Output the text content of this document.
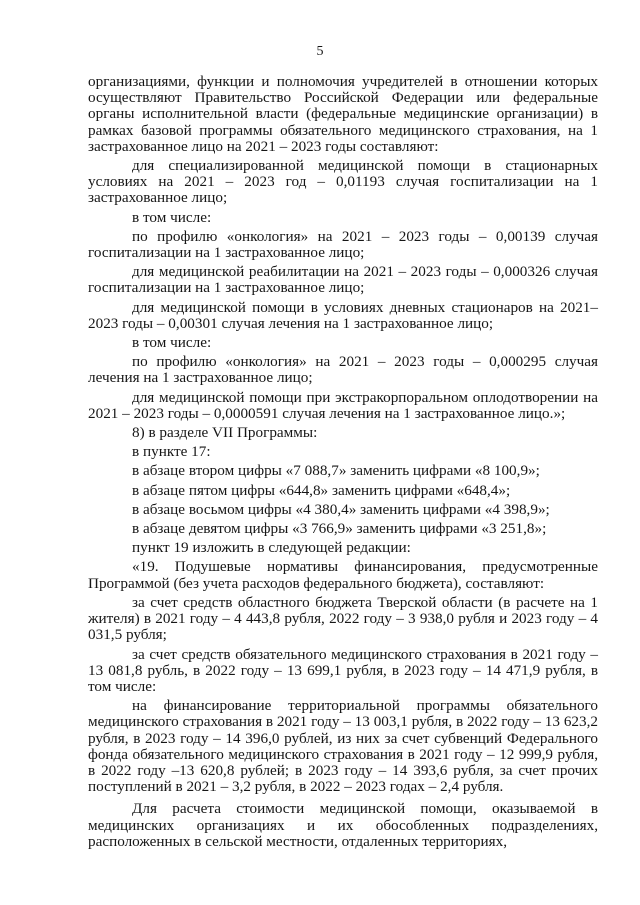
5

организациями, функции и полномочия учредителей в отношении которых осуществляют Правительство Российской Федерации или федеральные органы исполнительной власти (федеральные медицинские организации) в рамках базовой программы обязательного медицинского страхования, на 1 застрахованное лицо на 2021 – 2023 годы составляют:

для специализированной медицинской помощи в стационарных условиях на 2021 – 2023 год – 0,01193 случая госпитализации на 1 застрахованное лицо;

в том числе:

по профилю «онкология» на 2021 – 2023 годы – 0,00139 случая госпитализации на 1 застрахованное лицо;

для медицинской реабилитации на 2021 – 2023 годы – 0,000326 случая госпитализации на 1 застрахованное лицо;

для медицинской помощи в условиях дневных стационаров на 2021– 2023 годы – 0,00301 случая лечения на 1 застрахованное лицо;

в том числе:

по профилю «онкология» на 2021 – 2023 годы – 0,000295 случая лечения на 1 застрахованное лицо;

для медицинской помощи при экстракорпоральном оплодотворении на 2021 – 2023 годы – 0,0000591 случая лечения на 1 застрахованное лицо.»;

8) в разделе VII Программы:

в пункте 17:

в абзаце втором цифры «7 088,7» заменить цифрами «8 100,9»;

в абзаце пятом цифры «644,8» заменить цифрами «648,4»;

в абзаце восьмом цифры «4 380,4» заменить цифрами «4 398,9»;

в абзаце девятом цифры «3 766,9» заменить цифрами «3 251,8»;

пункт 19 изложить в следующей редакции:

«19. Подушевые нормативы финансирования, предусмотренные Программой (без учета расходов федерального бюджета), составляют:

за счет средств областного бюджета Тверской области (в расчете на 1 жителя) в 2021 году – 4 443,8 рубля, 2022 году – 3 938,0 рубля и 2023 году – 4 031,5 рубля;

за счет средств обязательного медицинского страхования в 2021 году – 13 081,8 рубль, в 2022 году – 13 699,1 рубля, в 2023 году – 14 471,9 рубля, в том числе:

на финансирование территориальной программы обязательного медицинского страхования в 2021 году – 13 003,1 рубля, в 2022 году – 13 623,2 рубля, в 2023 году – 14 396,0 рублей, из них за счет субвенций Федерального фонда обязательного медицинского страхования в 2021 году – 12 999,9 рубля, в 2022 году –13 620,8 рублей; в 2023 году – 14 393,6 рубля, за счет прочих поступлений в 2021 – 3,2 рубля, в 2022 – 2023 годах – 2,4 рубля.

Для расчета стоимости медицинской помощи, оказываемой в медицинских организациях и их обособленных подразделениях, расположенных в сельской местности, отдаленных территориях,
